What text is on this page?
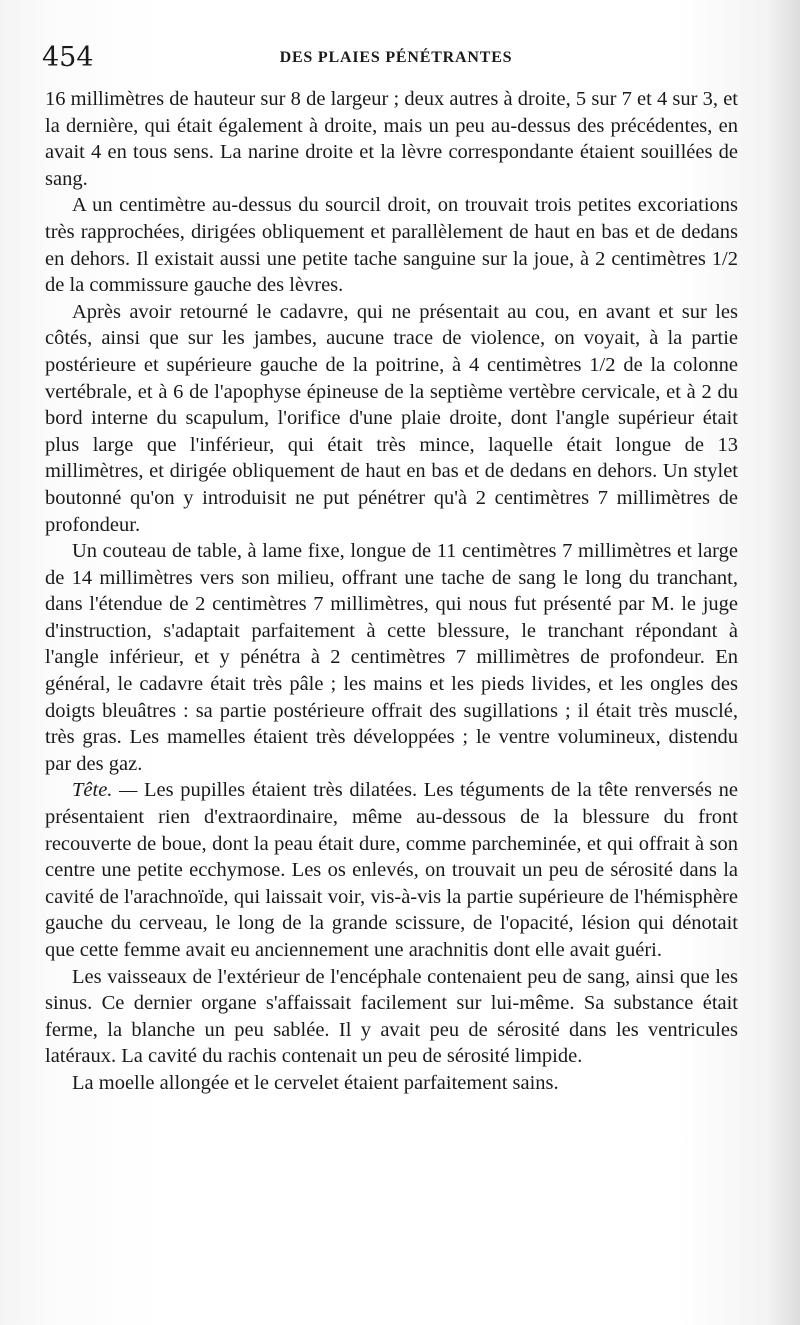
454	DES PLAIES PÉNÉTRANTES

16 millimètres de hauteur sur 8 de largeur ; deux autres à droite, 5 sur 7 et 4 sur 3, et la dernière, qui était également à droite, mais un peu au-dessus des précédentes, en avait 4 en tous sens. La narine droite et la lèvre correspondante étaient souillées de sang.

A un centimètre au-dessus du sourcil droit, on trouvait trois petites excoriations très rapprochées, dirigées obliquement et parallèlement de haut en bas et de dedans en dehors. Il existait aussi une petite tache sanguine sur la joue, à 2 centimètres 1/2 de la commissure gauche des lèvres.

Après avoir retourné le cadavre, qui ne présentait au cou, en avant et sur les côtés, ainsi que sur les jambes, aucune trace de violence, on voyait, à la partie postérieure et supérieure gauche de la poitrine, à 4 centimètres 1/2 de la colonne vertébrale, et à 6 de l'apophyse épineuse de la septième vertèbre cervicale, et à 2 du bord interne du scapulum, l'orifice d'une plaie droite, dont l'angle supérieur était plus large que l'inférieur, qui était très mince, laquelle était longue de 13 millimètres, et dirigée obliquement de haut en bas et de dedans en dehors. Un stylet boutonné qu'on y introduisit ne put pénétrer qu'à 2 centimètres 7 millimètres de profondeur.

Un couteau de table, à lame fixe, longue de 11 centimètres 7 millimètres et large de 14 millimètres vers son milieu, offrant une tache de sang le long du tranchant, dans l'étendue de 2 centimètres 7 millimètres, qui nous fut présenté par M. le juge d'instruction, s'adaptait parfaitement à cette blessure, le tranchant répondant à l'angle inférieur, et y pénétra à 2 centimètres 7 millimètres de profondeur. En général, le cadavre était très pâle ; les mains et les pieds livides, et les ongles des doigts bleuâtres : sa partie postérieure offrait des sugillations ; il était très musclé, très gras. Les mamelles étaient très développées ; le ventre volumineux, distendu par des gaz.

Tête. — Les pupilles étaient très dilatées. Les téguments de la tête renversés ne présentaient rien d'extraordinaire, même au-dessous de la blessure du front recouverte de boue, dont la peau était dure, comme parcheminée, et qui offrait à son centre une petite ecchymose. Les os enlevés, on trouvait un peu de sérosité dans la cavité de l'arachnoïde, qui laissait voir, vis-à-vis la partie supérieure de l'hémisphère gauche du cerveau, le long de la grande scissure, de l'opacité, lésion qui dénotait que cette femme avait eu anciennement une arachnitis dont elle avait guéri.

Les vaisseaux de l'extérieur de l'encéphale contenaient peu de sang, ainsi que les sinus. Ce dernier organe s'affaissait facilement sur lui-même. Sa substance était ferme, la blanche un peu sablée. Il y avait peu de sérosité dans les ventricules latéraux. La cavité du rachis contenait un peu de sérosité limpide.

La moelle allongée et le cervelet étaient parfaitement sains.
